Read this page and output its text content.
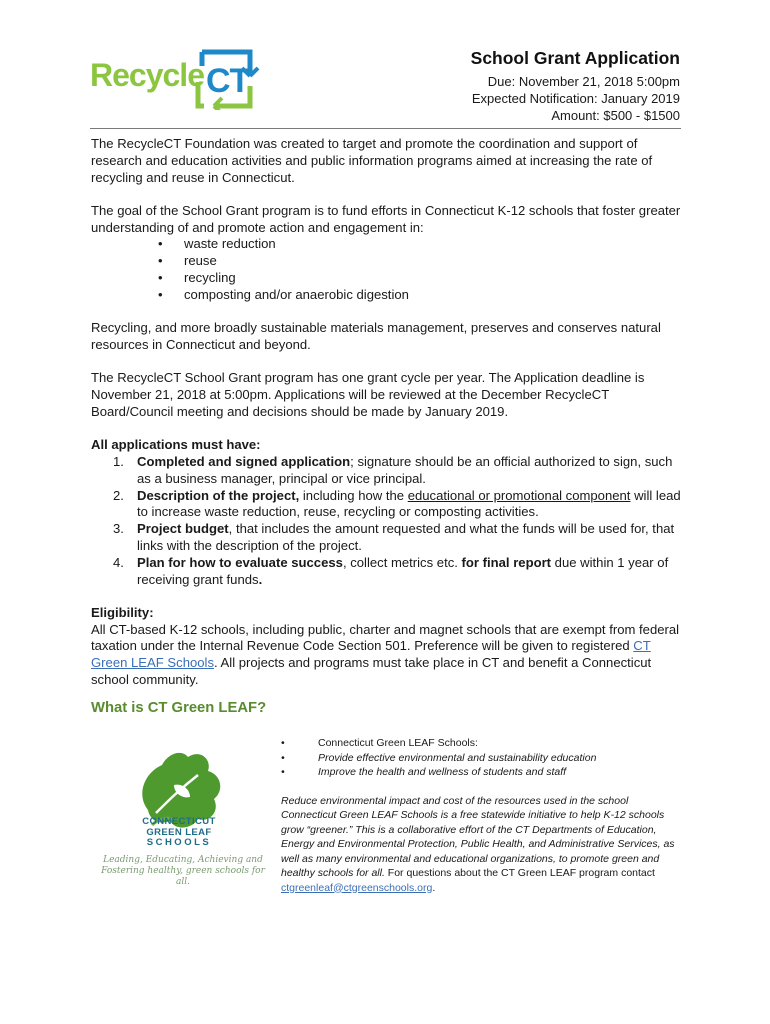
Recycle CT
School Grant Application
Due: November 21, 2018 5:00pm
Expected Notification: January 2019
Amount: $500 - $1500

The RecycleCT Foundation was created to target and promote the coordination and support of research and education activities and public information programs aimed at increasing the rate of recycling and reuse in Connecticut.

The goal of the School Grant program is to fund efforts in Connecticut K-12 schools that foster greater understanding of and promote action and engagement in:

• waste reduction
• reuse
• recycling
• composting and/or anaerobic digestion

Recycling, and more broadly sustainable materials management, preserves and conserves natural resources in Connecticut and beyond.

The RecycleCT School Grant program has one grant cycle per year. The Application deadline is November 21, 2018 at 5:00pm. Applications will be reviewed at the December RecycleCT Board/Council meeting and decisions should be made by January 2019.

All applications must have:
1. Completed and signed application; signature should be an official authorized to sign, such as a business manager, principal or vice principal.
2. Description of the project, including how the educational or promotional component will lead to increase waste reduction, reuse, recycling or composting activities.
3. Project budget, that includes the amount requested and what the funds will be used for, that links with the description of the project.
4. Plan for how to evaluate success, collect metrics etc. for final report due within 1 year of receiving grant funds.
Eligibility:

All CT-based K-12 schools, including public, charter and magnet schools that are exempt from federal taxation under the Internal Revenue Code Section 501. Preference will be given to registered CT Green LEAF Schools. All projects and programs must take place in CT and benefit a Connecticut school community.

What is CT Green LEAF?
CONNECTICUT
GREEN LEAF
SCHOOLS
Leading, Educating, Achieving and Fostering healthy, green schools for all.
• Connecticut Green LEAF Schools:
• Provide effective environmental and sustainability education
• Improve the health and wellness of students and staff

Reduce environmental impact and cost of the resources used in the school Connecticut Green LEAF Schools is a free statewide initiative to help K-12 schools grow “greener.” This is a collaborative effort of the CT Departments of Education, Energy and Environmental Protection, Public Health, and Administrative Services, as well as many environmental and educational organizations, to promote green and healthy schools for all. For questions about the CT Green LEAF program contact ctgreenleaf@ctgreenschools.org.
